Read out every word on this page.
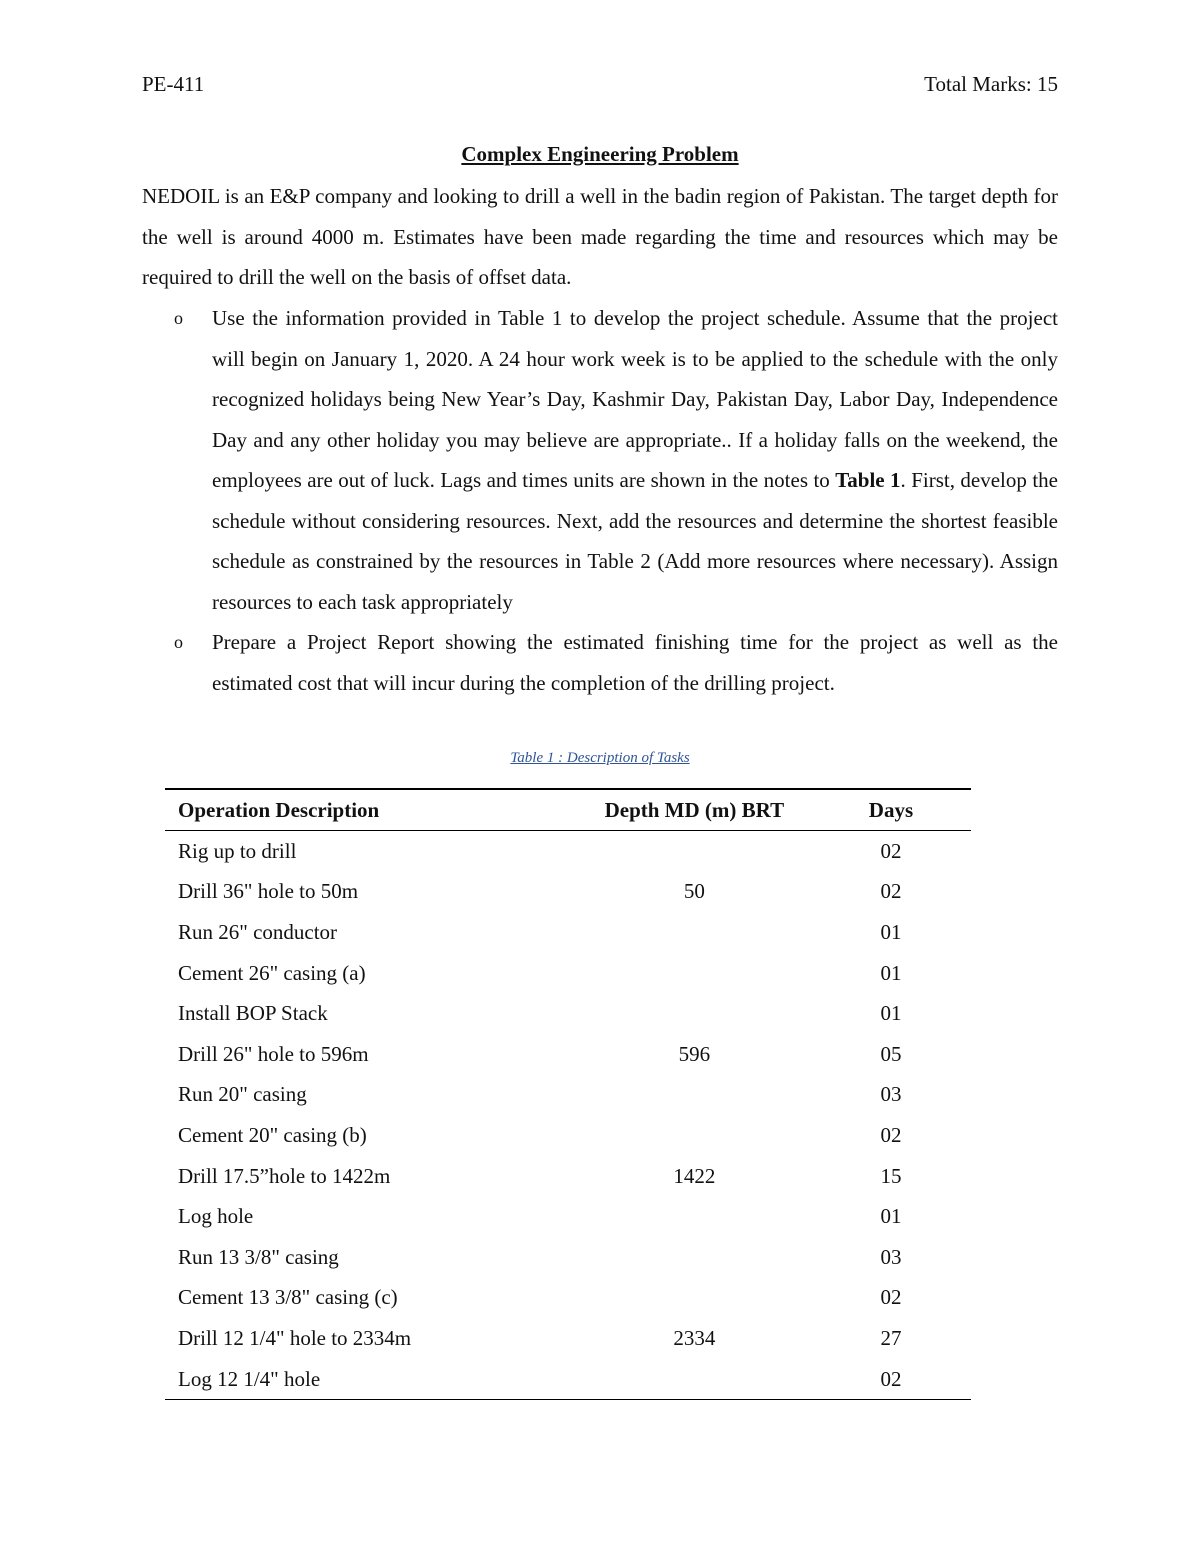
PE-411	Total Marks: 15
Complex Engineering Problem

NEDOIL is an E&P company and looking to drill a well in the badin region of Pakistan. The target depth for the well is around 4000 m. Estimates have been made regarding the time and resources which may be required to drill the well on the basis of offset data.

o Use the information provided in Table 1 to develop the project schedule. Assume that the project will begin on January 1, 2020. A 24 hour work week is to be applied to the schedule with the only recognized holidays being New Year’s Day, Kashmir Day, Pakistan Day, Labor Day, Independence Day and any other holiday you may believe are appropriate.. If a holiday falls on the weekend, the employees are out of luck. Lags and times units are shown in the notes to Table 1. First, develop the schedule without considering resources. Next, add the resources and determine the shortest feasible schedule as constrained by the resources in Table 2 (Add more resources where necessary). Assign resources to each task appropriately
o Prepare a Project Report showing the estimated finishing time for the project as well as the estimated cost that will incur during the completion of the drilling project.
Table 1 : Description of Tasks
Operation Description	Depth MD (m) BRT	Days
Rig up to drill		02
Drill 36" hole to 50m	50	02
Run 26" conductor		01
Cement 26" casing (a)		01
Install BOP Stack		01
Drill 26" hole to 596m	596	05
Run 20" casing		03
Cement 20" casing (b)		02
Drill 17.5”hole to 1422m	1422	15
Log hole		01
Run 13 3/8" casing		03
Cement 13 3/8" casing (c)		02
Drill 12 1/4" hole to 2334m	2334	27
Log 12 1/4" hole		02
